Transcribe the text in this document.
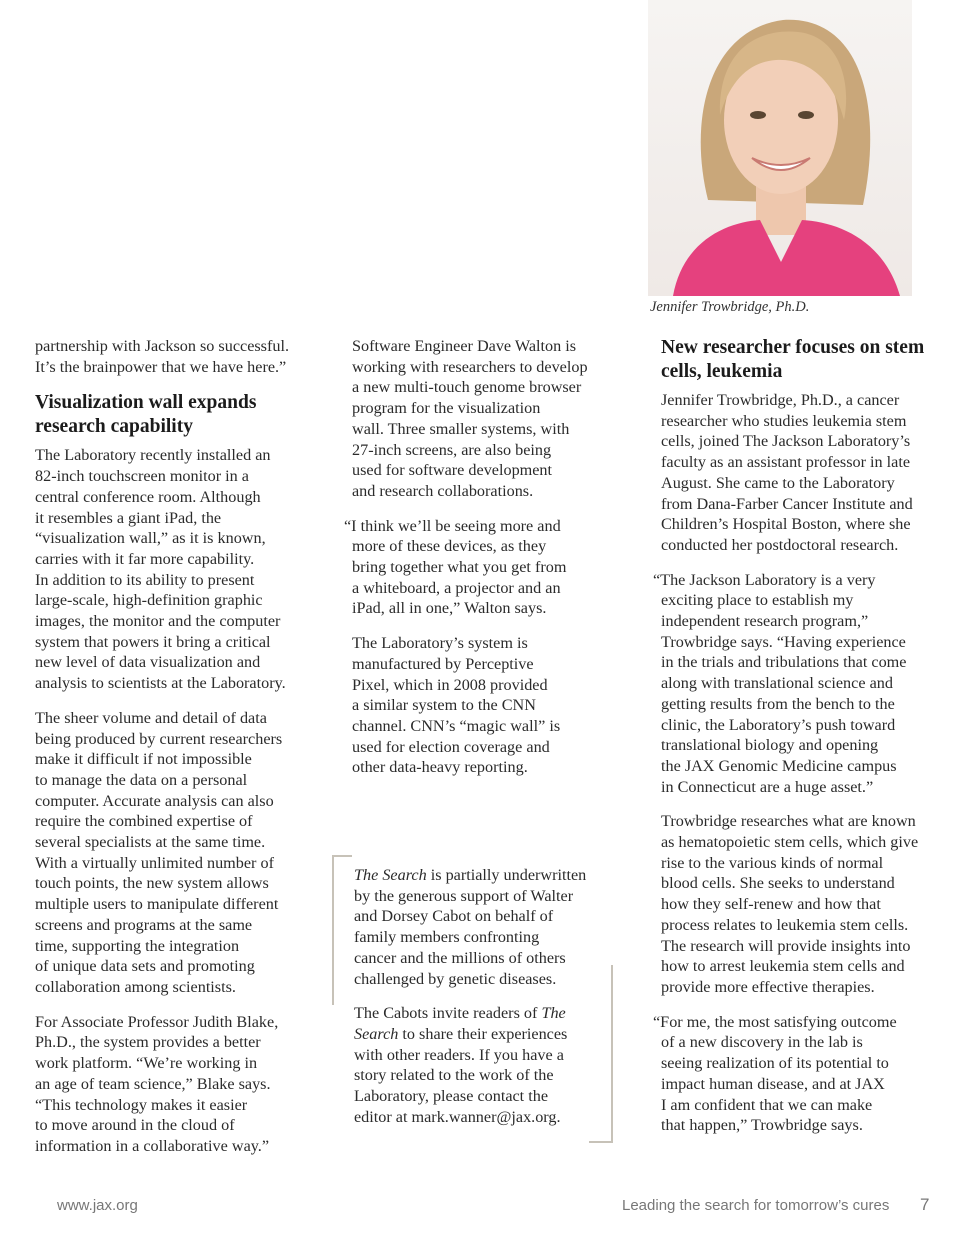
Jennifer Trowbridge, Ph.D.

partnership with Jackson so successful.
It’s the brainpower that we have here.”

Visualization wall expands
research capability

The Laboratory recently installed an
82-inch touchscreen monitor in a
central conference room. Although
it resembles a giant iPad, the
“visualization wall,” as it is known,
carries with it far more capability.
In addition to its ability to present
large-scale, high-definition graphic
images, the monitor and the computer
system that powers it bring a critical
new level of data visualization and
analysis to scientists at the Laboratory.

The sheer volume and detail of data
being produced by current researchers
make it difficult if not impossible
to manage the data on a personal
computer. Accurate analysis can also
require the combined expertise of
several specialists at the same time.
With a virtually unlimited number of
touch points, the new system allows
multiple users to manipulate different
screens and programs at the same
time, supporting the integration
of unique data sets and promoting
collaboration among scientists.

For Associate Professor Judith Blake,
Ph.D., the system provides a better
work platform. “We’re working in
an age of team science,” Blake says.
“This technology makes it easier
to move around in the cloud of
information in a collaborative way.”

Software Engineer Dave Walton is
working with researchers to develop
a new multi-touch genome browser
program for the visualization
wall. Three smaller systems, with
27-inch screens, are also being
used for software development
and research collaborations.

“I think we’ll be seeing more and
more of these devices, as they
bring together what you get from
a whiteboard, a projector and an
iPad, all in one,” Walton says.

The Laboratory’s system is
manufactured by Perceptive
Pixel, which in 2008 provided
a similar system to the CNN
channel. CNN’s “magic wall” is
used for election coverage and
other data-heavy reporting.

The Search is partially underwritten
by the generous support of Walter
and Dorsey Cabot on behalf of
family members confronting
cancer and the millions of others
challenged by genetic diseases.

The Cabots invite readers of The
Search to share their experiences
with other readers. If you have a
story related to the work of the
Laboratory, please contact the
editor at mark.wanner@jax.org.

New researcher focuses on stem
cells, leukemia

Jennifer Trowbridge, Ph.D., a cancer
researcher who studies leukemia stem
cells, joined The Jackson Laboratory’s
faculty as an assistant professor in late
August. She came to the Laboratory
from Dana-Farber Cancer Institute and
Children’s Hospital Boston, where she
conducted her postdoctoral research.

“The Jackson Laboratory is a very
exciting place to establish my
independent research program,”
Trowbridge says. “Having experience
in the trials and tribulations that come
along with translational science and
getting results from the bench to the
clinic, the Laboratory’s push toward
translational biology and opening
the JAX Genomic Medicine campus
in Connecticut are a huge asset.”

Trowbridge researches what are known
as hematopoietic stem cells, which give
rise to the various kinds of normal
blood cells. She seeks to understand
how they self-renew and how that
process relates to leukemia stem cells.
The research will provide insights into
how to arrest leukemia stem cells and
provide more effective therapies.

“For me, the most satisfying outcome
of a new discovery in the lab is
seeing realization of its potential to
impact human disease, and at JAX
I am confident that we can make
that happen,” Trowbridge says.

www.jax.org	Leading the search for tomorrow’s cures 7
